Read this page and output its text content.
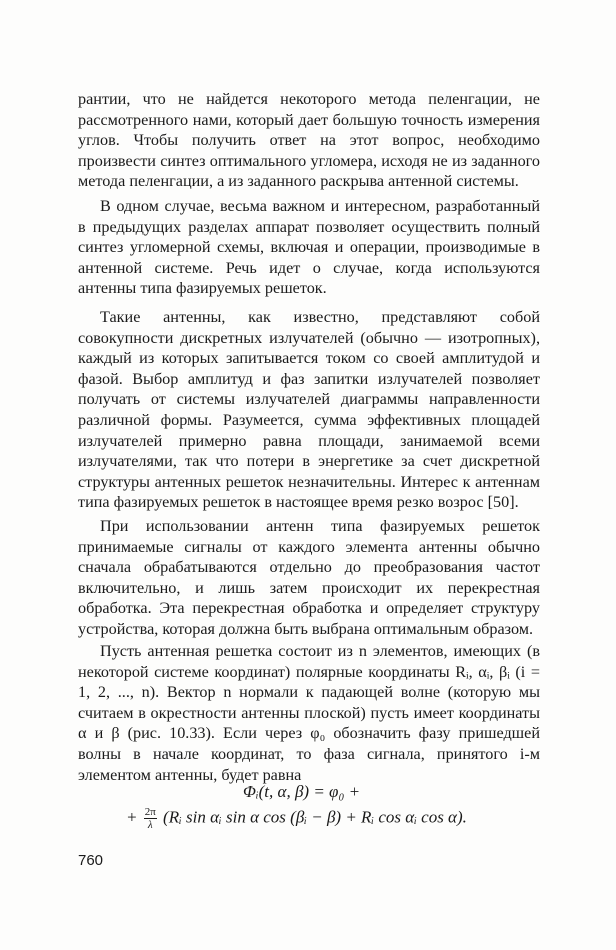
рантии, что не найдется некоторого метода пеленгации, не рассмотренного нами, который дает большую точность измерения углов. Чтобы получить ответ на этот вопрос, необходимо произвести синтез оптимального угломера, исходя не из заданного метода пеленгации, а из заданного раскрыва антенной системы.

В одном случае, весьма важном и интересном, разработанный в предыдущих разделах аппарат позволяет осуществить полный синтез угломерной схемы, включая и операции, производимые в антенной системе. Речь идет о случае, когда используются антенны типа фазируемых решеток.

Такие антенны, как известно, представляют собой совокупности дискретных излучателей (обычно — изотропных), каждый из которых запитывается током со своей амплитудой и фазой. Выбор амплитуд и фаз запитки излучателей позволяет получать от системы излучателей диаграммы направленности различной формы. Разумеется, сумма эффективных площадей излучателей примерно равна площади, занимаемой всеми излучателями, так что потери в энергетике за счет дискретной структуры антенных решеток незначительны. Интерес к антеннам типа фазируемых решеток в настоящее время резко возрос [50].

При использовании антенн типа фазируемых решеток принимаемые сигналы от каждого элемента антенны обычно сначала обрабатываются отдельно до преобразования частот включительно, и лишь затем происходит их перекрестная обработка. Эта перекрестная обработка и определяет структуру устройства, которая должна быть выбрана оптимальным образом.

Пусть антенная решетка состоит из n элементов, имеющих (в некоторой системе координат) полярные координаты Rᵢ, αᵢ, βᵢ (i = 1, 2, ..., n). Вектор n нормали к падающей волне (которую мы считаем в окрестности антенны плоской) пусть имеет координаты α и β (рис. 10.33). Если через φ₀ обозначить фазу пришедшей волны в начале координат, то фаза сигнала, принятого i-м элементом антенны, будет равна

Φᵢ(t, α, β) = φ₀ +
+ $\frac{2\pi}{\lambda}$ (Rᵢ sin αᵢ sin α cos (βᵢ − β) + Rᵢ cos αᵢ cos α).
760
